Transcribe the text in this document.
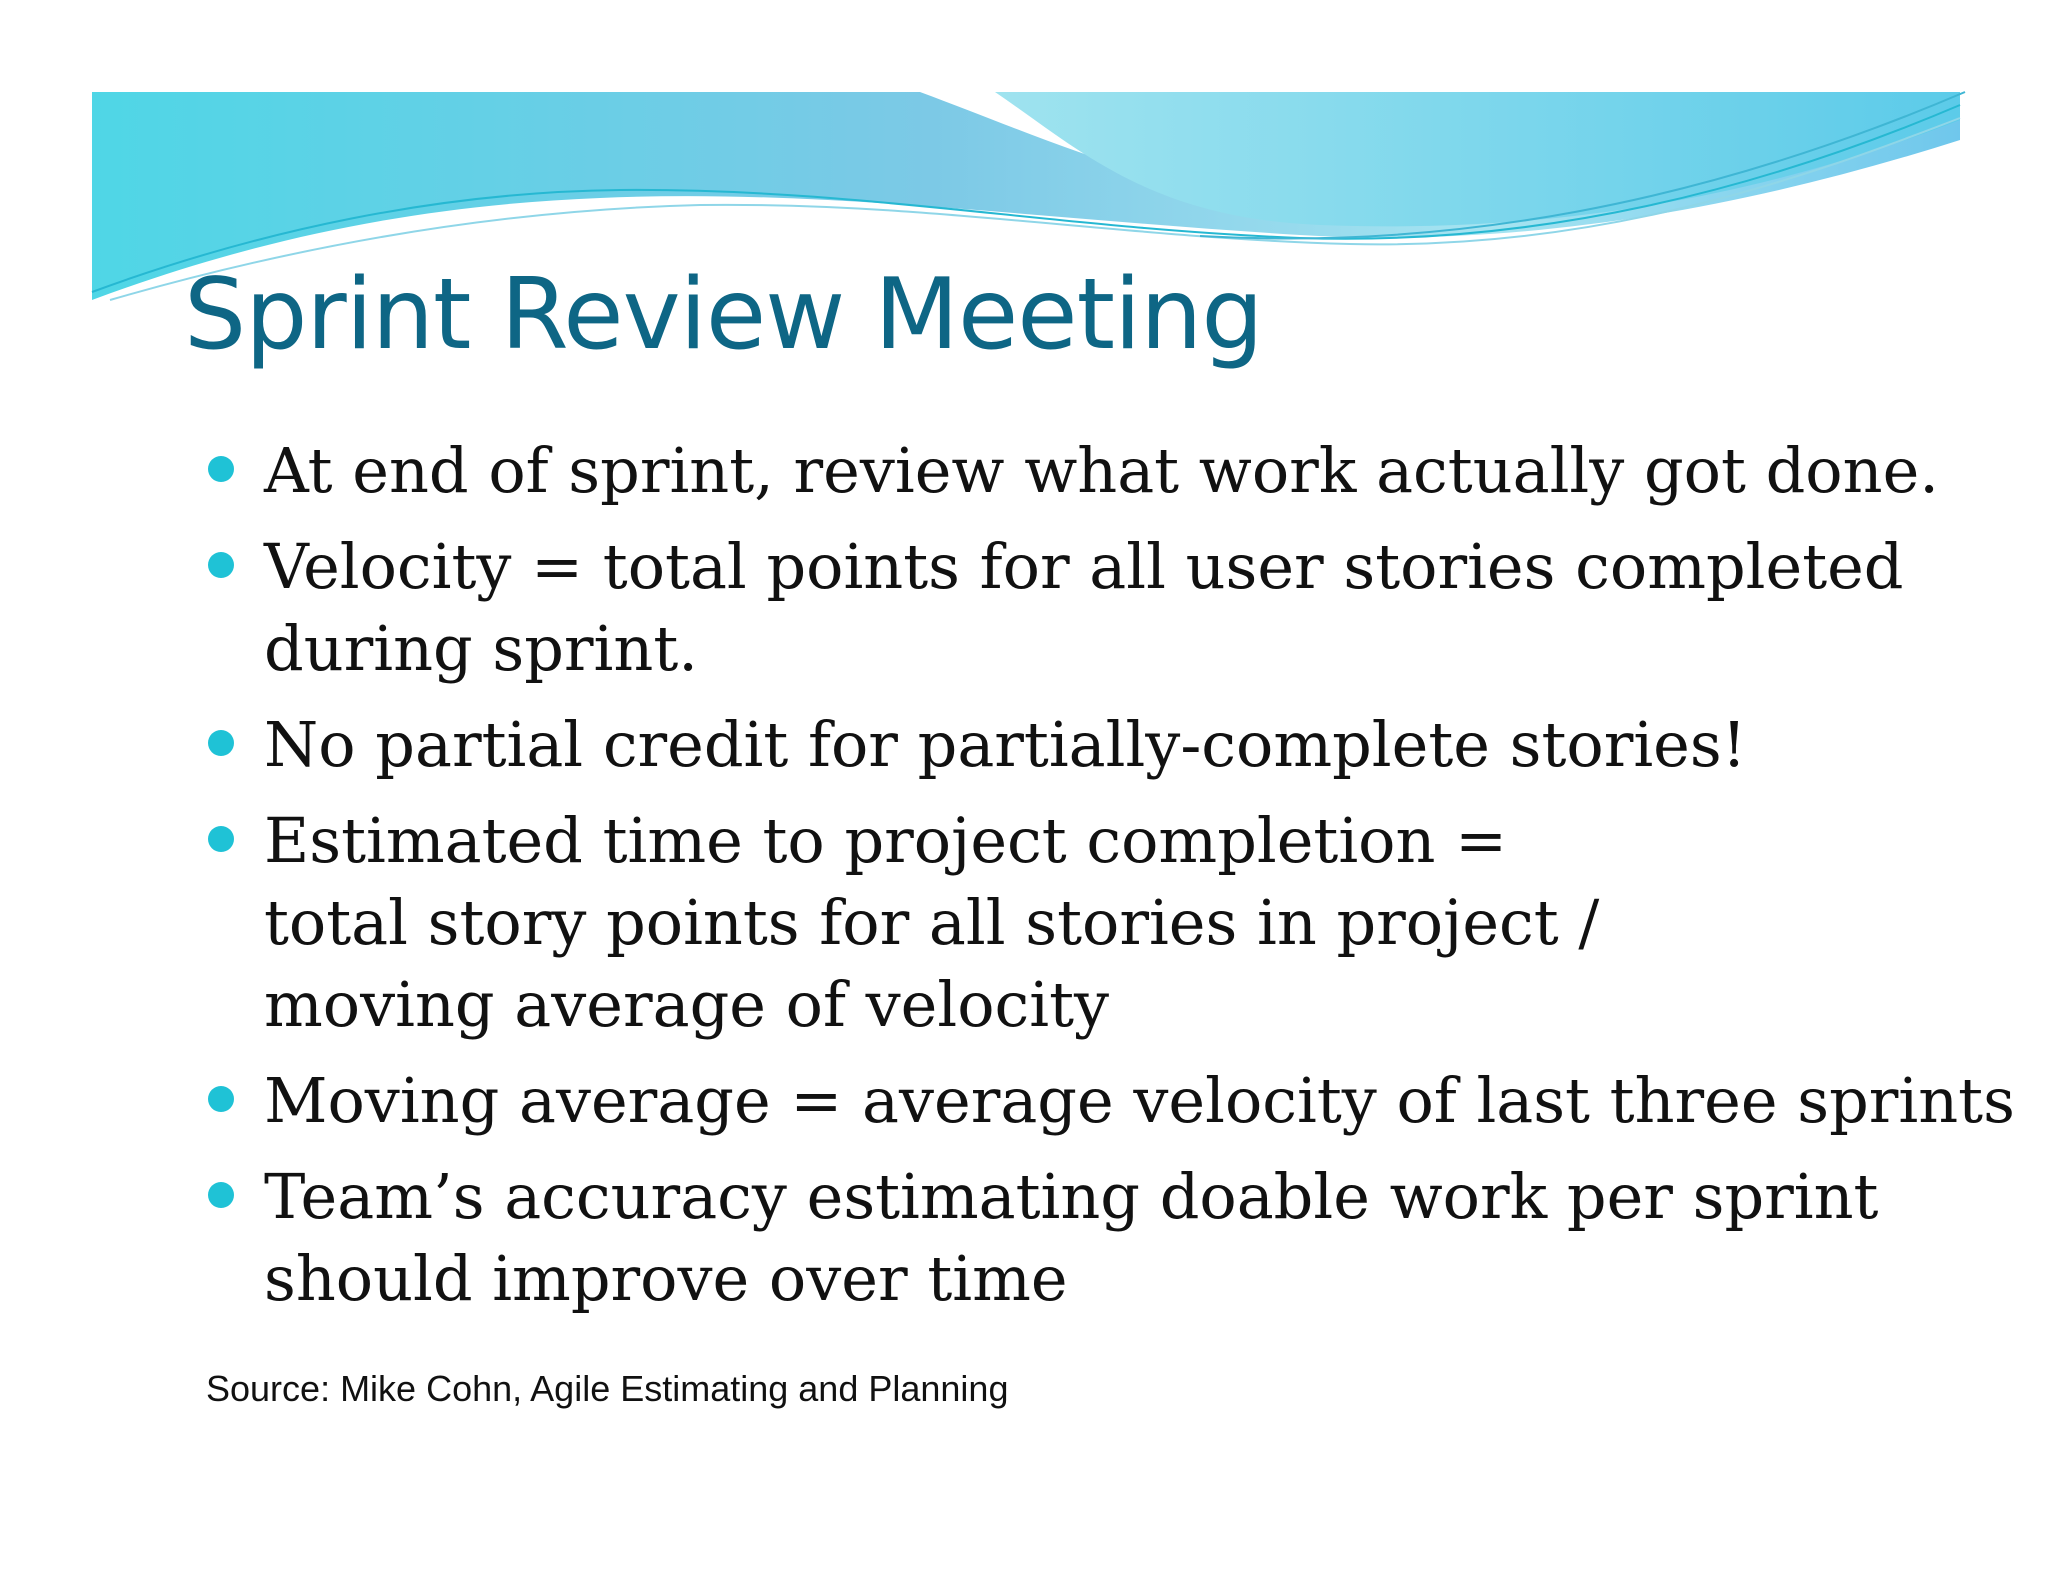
Sprint Review Meeting
At end of sprint, review what work actually got done.
Velocity = total points for all user stories completed
during sprint.
No partial credit for partially-complete stories!
Estimated time to project completion =
total story points for all stories in project /
moving average of velocity
Moving average = average velocity of last three sprints
Team’s accuracy estimating doable work per sprint
should improve over time
Source: Mike Cohn, Agile Estimating and Planning
